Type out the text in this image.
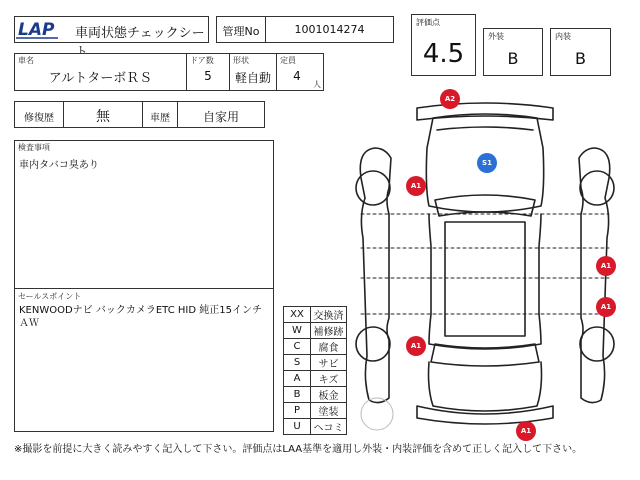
車両状態チェックシー
LAP	管理No	1001014274
評価点
4.5
外装
B
内装
B
車名
アルトターボＲＳ
ドア数
5
形状
軽自動
定員
4
人
修復歴	無	車歴	自家用
検査事項
車内タバコ臭あり
セールスポイント
KENWOODナビ バックカメラETC HID 純正15インチＡＷ
XX	交換済
W	補修跡
C	腐食
S	サビ
A	キズ
B	板金
P	塗装
U	ヘコミ
A2
S1
A1
A1
A1
A1
A1
※撮影を前提に大きく読みやすく記入して下さい。評価点はLAA基準を適用し外装・内装評価を含めて正しく記入して下さい。
